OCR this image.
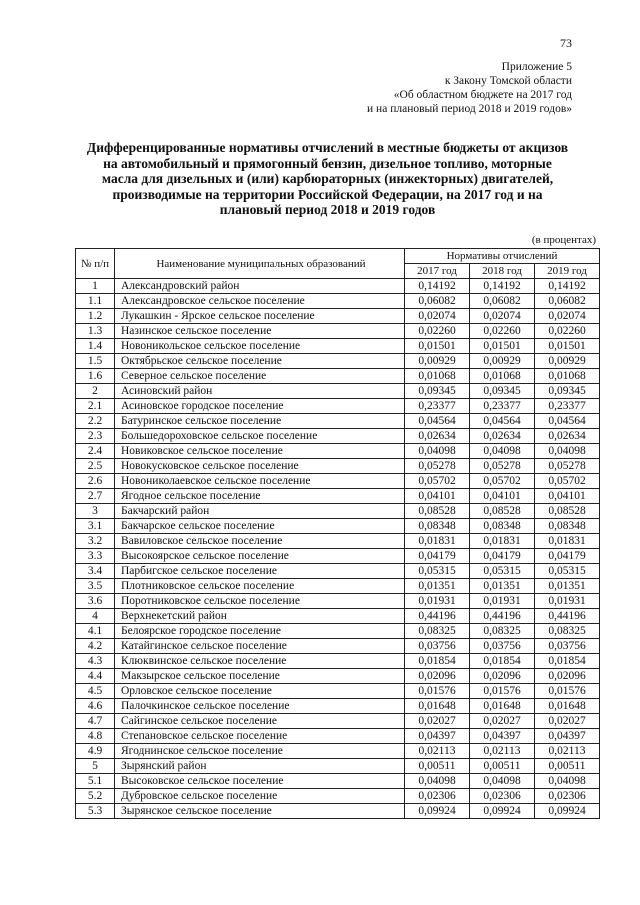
73
Приложение 5
к Закону Томской области
«Об областном бюджете на 2017 год
и на плановый период 2018 и 2019 годов»
Дифференцированные нормативы отчислений в местные бюджеты от акцизов
на автомобильный и прямогонный бензин, дизельное топливо, моторные
масла для дизельных и (или) карбюраторных (инжекторных) двигателей,
производимые на территории Российской Федерации, на 2017 год и на
плановый период 2018 и 2019 годов
(в процентах)
№ п/п	Наименование муниципальных образований	Нормативы отчислений		
		2017 год	2018 год	2019 год
1	Александровский район	0,14192	0,14192	0,14192
1.1	Александровское сельское поселение	0,06082	0,06082	0,06082
1.2	Лукашкин - Ярское сельское поселение	0,02074	0,02074	0,02074
1.3	Назинское сельское поселение	0,02260	0,02260	0,02260
1.4	Новоникольское сельское поселение	0,01501	0,01501	0,01501
1.5	Октябрьское сельское поселение	0,00929	0,00929	0,00929
1.6	Северное сельское поселение	0,01068	0,01068	0,01068
2	Асиновский район	0,09345	0,09345	0,09345
2.1	Асиновское городское поселение	0,23377	0,23377	0,23377
2.2	Батуринское сельское поселение	0,04564	0,04564	0,04564
2.3	Большедороховское сельское поселение	0,02634	0,02634	0,02634
2.4	Новиковское сельское поселение	0,04098	0,04098	0,04098
2.5	Новокусковское сельское поселение	0,05278	0,05278	0,05278
2.6	Новониколаевское сельское поселение	0,05702	0,05702	0,05702
2.7	Ягодное сельское поселение	0,04101	0,04101	0,04101
3	Бакчарский район	0,08528	0,08528	0,08528
3.1	Бакчарское сельское поселение	0,08348	0,08348	0,08348
3.2	Вавиловское сельское поселение	0,01831	0,01831	0,01831
3.3	Высокоярское сельское поселение	0,04179	0,04179	0,04179
3.4	Парбигское сельское поселение	0,05315	0,05315	0,05315
3.5	Плотниковское сельское поселение	0,01351	0,01351	0,01351
3.6	Поротниковское сельское поселение	0,01931	0,01931	0,01931
4	Верхнекетский район	0,44196	0,44196	0,44196
4.1	Белоярское городское поселение	0,08325	0,08325	0,08325
4.2	Катайгинское сельское поселение	0,03756	0,03756	0,03756
4.3	Клюквинское сельское поселение	0,01854	0,01854	0,01854
4.4	Макзырское сельское поселение	0,02096	0,02096	0,02096
4.5	Орловское сельское поселение	0,01576	0,01576	0,01576
4.6	Палочкинское сельское поселение	0,01648	0,01648	0,01648
4.7	Сайгинское сельское поселение	0,02027	0,02027	0,02027
4.8	Степановское сельское поселение	0,04397	0,04397	0,04397
4.9	Ягоднинское сельское поселение	0,02113	0,02113	0,02113
5	Зырянский район	0,00511	0,00511	0,00511
5.1	Высоковское сельское поселение	0,04098	0,04098	0,04098
5.2	Дубровское сельское поселение	0,02306	0,02306	0,02306
5.3	Зырянское сельское поселение	0,09924	0,09924	0,09924
